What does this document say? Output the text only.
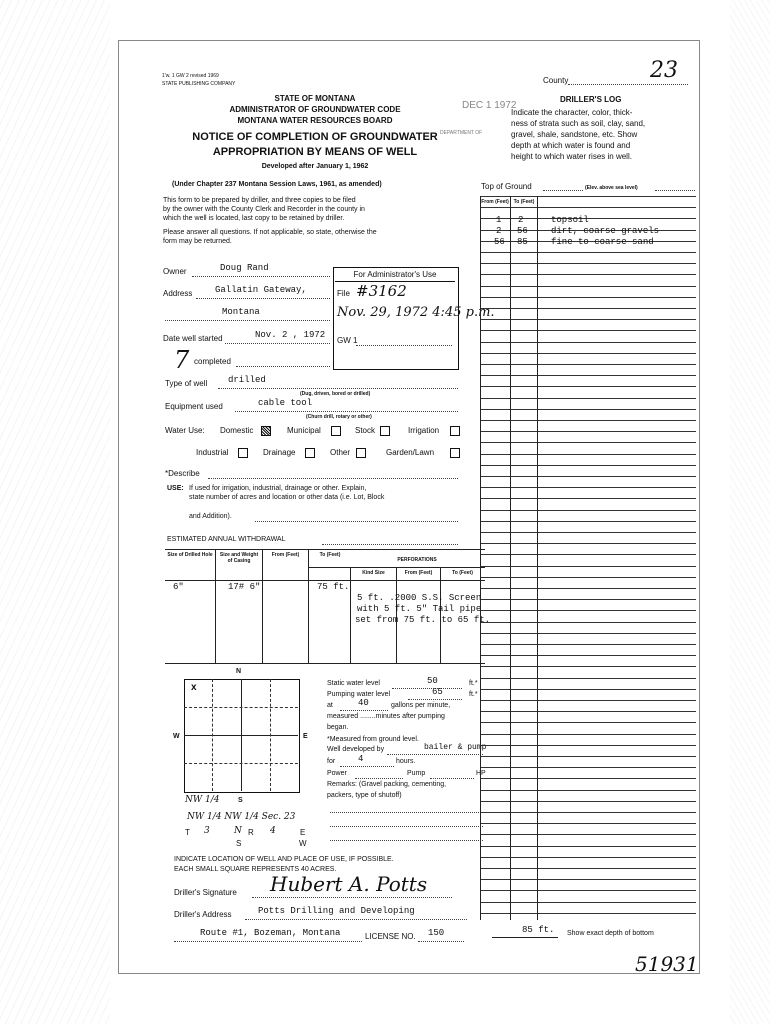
1'w. 1 GW 2 revised 1969
STATE PUBLISHING COMPANY
STATE OF MONTANA
ADMINISTRATOR OF GROUNDWATER CODE
MONTANA WATER RESOURCES BOARD
NOTICE OF COMPLETION OF GROUNDWATER
APPROPRIATION BY MEANS OF WELL
Developed after January 1, 1962
(Under Chapter 237 Montana Session Laws, 1961, as amended)
DEC 1 1972
DEPARTMENT OF
County	23
This form to be prepared by driller, and three copies to be filed
by the owner with the County Clerk and Recorder in the county in
which the well is located, last copy to be retained by driller.
Please answer all questions. If not applicable, so state, otherwise the
form may be returned.
For Administrator's Use
File #3162
Nov. 29, 1972 4:45 p.m.
GW 1
Owner	Doug Rand
Address	Gallatin Gateway,
Montana
Date well started	Nov. 2 , 1972
7 completed
Type of well drilled
(Dug, driven, bored or drilled)
Equipment used	cable tool
(Churn drill, rotary or other)
Water Use: Domestic	Municipal	Stock	Irrigation
Industrial	Drainage	Other	Garden/Lawn
*Describe
USE: If used for irrigation, industrial, drainage or other. Explain,
state number of acres and location or other data (i.e. Lot, Block
and Addition).
ESTIMATED ANNUAL WITHDRAWAL
Size of Drilled Hole	Size and Weight of Casing
From (Feet)	To (Feet)
PERFORATIONS
Kind Size	From (Feet)	To (Feet)
6"	17# 6"	75 ft.
5 ft. .2000 S.S. Screen
with 5 ft. 5" Tail pipe
set from 75 ft. to 65 ft.
N
W	E
S
x
NW 1/4
NW 1/4 NW 1/4 Sec. 23
T 3	N R 4	E
S	W
INDICATE LOCATION OF WELL AND PLACE OF USE, IF POSSIBLE.
EACH SMALL SQUARE REPRESENTS 40 ACRES.
Static water level	50	ft.*
Pumping water level	65	ft.*
at	40	gallons per minute,
measured ........minutes after pumping
began.
*Measured from ground level.
Well developed by	bailer & pump
for	4	hours.
Power	Pump	HP
Remarks: (Gravel packing, cementing,
packers, type of shutoff)
Driller's Signature Hubert A. Potts
Driller's Address	Potts Drilling and Developing
Route #1, Bozeman, Montana	LICENSE NO. 150
DRILLER'S LOG
Indicate the character, color, thick-
ness of strata such as soil, clay, sand,
gravel, shale, sandstone, etc. Show
depth at which water is found and
height to which water rises in well.
Top of Ground	(Elev. above sea level)
From (Feet) To (Feet)
1 2	topsoil
2 56	dirt, coarse gravels
56 85	fine to coarse sand
85 ft. Show exact depth of bottom
51931
